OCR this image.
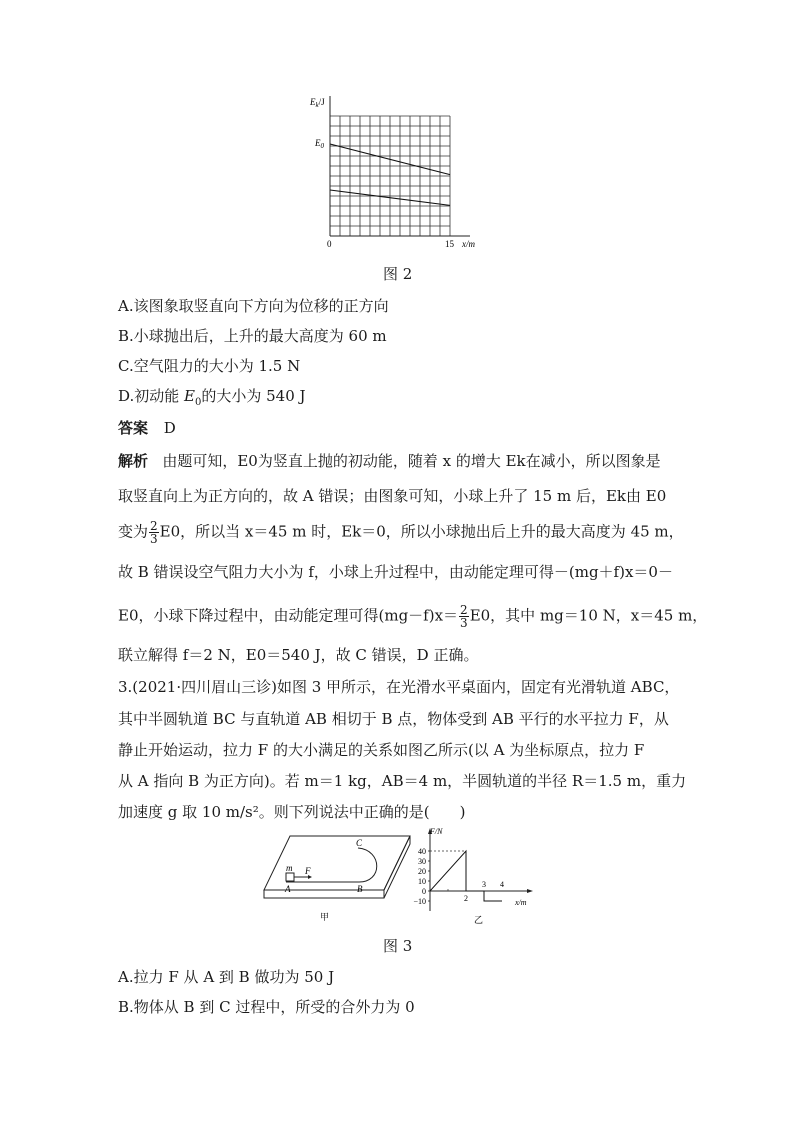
$E_k/J$
$E_0$
0	15 x/m
图 2
A.该图象取竖直向下方向为位移的正方向
B.小球抛出后，上升的最大高度为 60 m
C.空气阻力的大小为 1.5 N
D.初动能 $E_0$的大小为 540 J
答案 D
解析 由题可知，E0为竖直上抛的初动能，随着 x 的增大 Ek在减小，所以图象是
取竖直向上为正方向的，故 A 错误；由图象可知，小球上升了 15 m 后，Ek由 E0
变为 $\frac{2}{3} E0$，所以当 x＝45 m 时，Ek＝0，所以小球抛出后上升的最大高度为 45 m，
故 B 错误设空气阻力大小为 f，小球上升过程中，由动能定理可得－(mg＋f)x＝0－
E0，小球下降过程中，由动能定理可得$(mg-f)x= \frac{2}{3} E0$，其中 mg＝10 N，x＝45 m，
联立解得 f＝2 N，E0＝540 J，故 C 错误，D 正确。
3.(2021·四川眉山三诊)如图 3 甲所示，在光滑水平桌面内，固定有光滑轨道 ABC，
其中半圆轨道 BC 与直轨道 AB 相切于 B 点，物体受到 AB 平行的水平拉力 F，从
静止开始运动，拉力 F 的大小满足的关系如图乙所示(以 A 为坐标原点，拉力 F
从 A 指向 B 为正方向)。若 m＝1 kg，AB＝4 m，半圆轨道的半径 R＝1.5 m，重力
加速度 g 取 10 m/s²。则下列说法中正确的是(　　)
m F
A	B
C
甲
40
30
20
10
0
−10	2
3 4
F/N
x/m
乙
图 3
A.拉力 F 从 A 到 B 做功为 50 J
B.物体从 B 到 C 过程中，所受的合外力为 0
